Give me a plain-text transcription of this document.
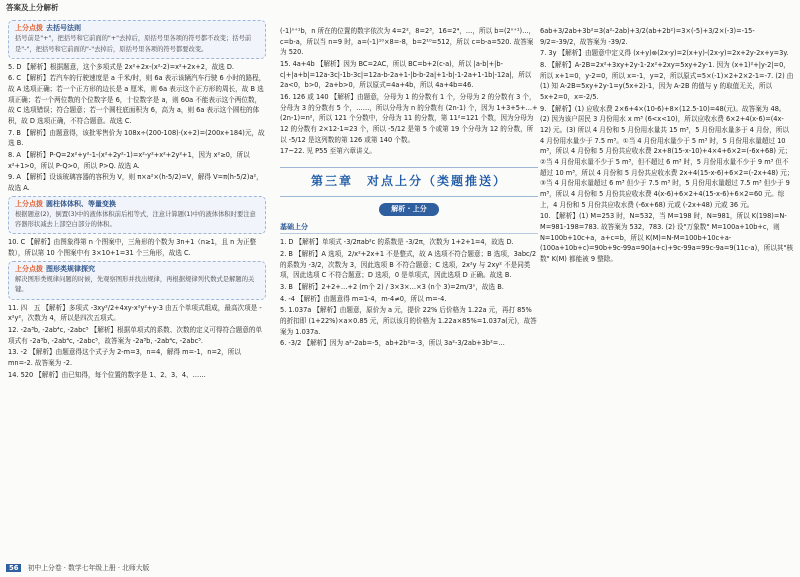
答案及上分解析
上分点拨 去括号法则
括号前是"+"，把括号和它前面的"+"去掉后，原括号里各项的符号都不改变；括号前是"-"，把括号和它前面的"-"去掉后，原括号里各项的符号都要改变。
5. D 【解析】根据题意，这个多项式是 2x²+2x-(x²-2)=x²+2x+2，故选 D.
6. C 【解析】若汽车的行驶速度是 a 千米/时，则 6a 表示该辆汽车行驶 6 小时的路程，故 A 选项正确；若一个正方形的边长是 a 厘米，则 6a 表示这个正方形的周长，故 B 选项正确；若一个两位数的个位数字是 6，十位数字是 a，则 60a 不能表示这个两位数，故 C 选项错误；符合题意；若一个圆柱底面积为 6，高为 a，则 6a 表示这个圆柱的体积，故 D 选项正确，不符合题意。故选 C.
7. B 【解析】由题意得，该批零售价为 108x÷(200-108)·(x+2)=(200x+184)元，故选 B.
8. A 【解析】P-Q=2x²+y²-1-(x²+2y²-1)=x²-y²+x²+2y²+1，因为 x²≥0，所以 x²+1>0，所以 P-Q>0，所以 P>Q. 故选 A.
9. A 【解析】设该玻璃容器的容积为 V，则 π×a²×(h-5/2)=V，解得 V=π(h-5/2)a²，故选 A.
上分点拨 圆柱体体积、等量变换
根据题意(2)，倒置(3)中的液体体积前后相等式，注意计算题(1)中的液体体积时要注意容器形状减去上部空白部分的体积。
10. C 【解析】由图象得第 n 个图案中，三角形的个数为 3n+1（n≥1，且 n 为正整数），所以第 10 个图案中有 3×10+1=31 个三角形，故选 C.
上分点拨 图形类规律探究
解决图形类规律问题的时候，先观察图形并找出规律，再根据规律列代数式是解题的关键。
11. 四　五 【解析】多项式 -3xy²/2+4xy-x²y²+y-3 由五个单项式组成，最高次项是 -x²y²，次数为 4，所以是四次五项式。
12. -2a³b, -2ab⁴c, -2abc⁵ 【解析】根据单项式的系数、次数的定义可得符合题意的单项式有 -2a³b, -2ab⁴c, -2abc⁵，故答案为 -2a³b, -2ab⁴c, -2abc⁵.
13. -2 【解析】由题意得这个式子为 2-m=3，n=4，解得 m=-1，n=2，所以 mn=-2. 故答案为 -2.
14. 520 【解析】由已知得，每个位置的数字是 1、2、3、4、……
(-1)ⁿ⁺¹b，n 所在的位置的数字依次为 4=2²，8=2³，16=2⁴，…，所以 b=(2ⁿ⁺¹)…，c=b-a，所以当 n=9 时，a=(-1)¹⁰×8=-8，b=2¹⁰=512，所以 c=b-a=520. 故答案为 520.
15. 4a+4b 【解析】因为 BC=2AC，所以 BC=b+2(c-a)，所以 |a-b|+|b-c|+|a+b|=12a-3c|-1b-3c|=12a-b-2a+1-|b-b-2a|+1-b|-1-2a+1-1b|-12a|，所以 2a<0，b>0，2a+b>0，所以原式=4a+4b，所以 4a+4b=46.
16. 126 或 140 【解析】由题意，分母为 1 的分数有 1 个，分母为 2 的分数有 3 个，分母为 3 的分数有 5 个，……，所以分母为 n 的分数有 (2n-1) 个，因为 1+3+5+…+(2n-1)=n²，所以 121 个分数中，分母为 11 的分数，第 11²=121 个数，因为分母为 12 的分数有 2×12-1=23 个，所以 -5/12 是第 5 个或第 19 个分母为 12 的分数，所以 -5/12 是这列数的第 126 或第 140 个数。
17~22. 见 P55 至第六章讲义。
第三章　对点上分（类题推送）
解析 · 上分
基础上分
1. D 【解析】单项式 -3/2πab²c 的系数是 -3/2π，次数为 1+2+1=4，故选 D.
2. B 【解析】A 选项，2/x²+2x+1 不是整式，故 A 选项不符合题意；B 选项，3abc/2 的系数为 -3/2，次数为 3，因此选项 B 不符合题意；C 选项，2x²y 与 2xy² 不是同类项，因此选项 C 不符合题意；D 选项，0 是单项式，因此选项 D 正确。故选 B.
3. B 【解析】2+2+…+2 (m个 2) / 3×3×…×3 (n个 3)=2m/3ⁿ，故选 B.
4. -4 【解析】由题意得 m=1-4，m-4≠0，所以 m=-4.
5. 1.037a 【解析】由题意，原价为 a 元，提价 22% 后价格为 1.22a 元，再打 85% 的折扣即 (1+22%)×a×0.85 元，所以该月的价格为 1.22a×85%=1.037a(元)，故答案为 1.037a.
6. -3/2 【解析】因为 a²-2ab=-5，ab+2b²=-3，所以 3a²-3/2ab+3b²=…
6ab+3/2ab+3b²=3(a²-2ab)+3/2(ab+2b²)=3×(-5)+3/2×(-3)=-15-9/2=-39/2，故答案为 -39/2.
7. 3y 【解析】由题意中定义得 (x+y)⊗(2x-y)=2(x+y)-(2x-y)=2x+2y-2x+y=3y.
8. 【解析】A-2B=2x²+3xy+2y-1-2x²+2xy=5xy+2y-1. 因为 (x+1)²+|y-2|=0，所以 x+1=0，y-2=0，所以 x=-1，y=2，所以原式=5×(-1)×2+2×2-1=-7. (2) 由 (1) 知 A-2B=5xy+2y-1=y(5x+2)-1，因为 A-2B 的值与 y 的取值无关，所以 5x+2=0，x=-2/5.
9. 【解析】(1) 应收水费 2×6+4×(10-6)+8×(12.5-10)=48(元)。故答案为 48。(2) 因为该户居民 3 月份用水 x m³ (6<x<10)，所以应收水费 6×2+4(x-6)=(4x-12) 元。(3) 所以 4 月份和 5 月份用水量共 15 m³，5 月份用水量多于 4 月份，所以 4 月份用水量少于 7.5 m³。①当 4 月份用水量少于 5 m³ 时，5 月份用水量超过 10 m³，所以 4 月份和 5 月份共应收水费 2x+8(15-x-10)+4×4+6×2=(-6x+68) 元；②当 4 月份用水量不少于 5 m³，但不超过 6 m³ 时，5 月份用水量不少于 9 m³ 但不超过 10 m³，所以 4 月份和 5 月份共应收水费 2x+4(15-x-6)+6×2=(-2x+48) 元；③当 4 月份用水量超过 6 m³ 但少于 7.5 m³ 时，5 月份用水量超过 7.5 m³ 但少于 9 m³，所以 4 月份和 5 月份共应收水费 4(x-6)+6×2+4(15-x-6)+6×2=60 元。综上，4 月份和 5 月份共应收水费 (-6x+68) 元或 (-2x+48) 元或 36 元。
10. 【解析】(1) M=253 时，N=532，当 M=198 时，N=981，所以 K(198)=N-M=981-198=783. 故答案为 532，783. (2) 设"万象数" M=100a+10b+c，则 N=100b+10c+a，a+c=b，所以 K(M)=N-M=100b+10c+a-(100a+10b+c)=90b+9c-99a=90(a+c)+9c-99a=99c-9a=9(11c-a)，所以其"核数" K(M) 都能被 9 整除。
56 初中上分卷 · 数学七年级上册 · 北师大版
